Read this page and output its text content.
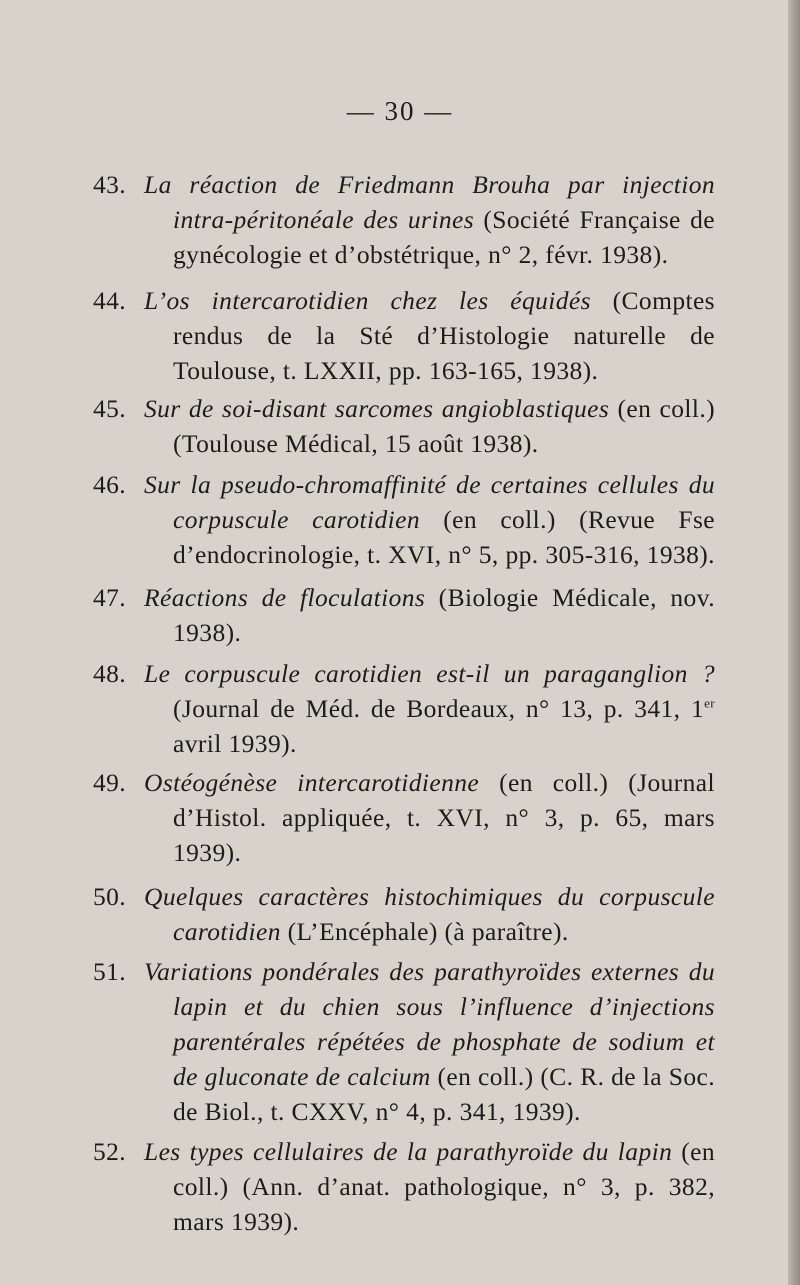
— 30 —
43. La réaction de Friedmann Brouha par injection intra-péritonéale des urines (Société Française de gynécologie et d’obstétrique, n° 2, févr. 1938).
44. L’os intercarotidien chez les équidés (Comptes rendus de la Sté d’Histologie naturelle de Toulouse, t. LXXII, pp. 163-165, 1938).
45. Sur de soi-disant sarcomes angioblastiques (en coll.) (Toulouse Médical, 15 août 1938).
46. Sur la pseudo-chromaffinité de certaines cellules du corpuscule carotidien (en coll.) (Revue Fse d’endocrinologie, t. XVI, n° 5, pp. 305-316, 1938).
47. Réactions de floculations (Biologie Médicale, nov. 1938).
48. Le corpuscule carotidien est-il un paraganglion ? (Journal de Méd. de Bordeaux, n° 13, p. 341, 1er avril 1939).
49. Ostéogénèse intercarotidienne (en coll.) (Journal d’Histol. appliquée, t. XVI, n° 3, p. 65, mars 1939).
50. Quelques caractères histochimiques du corpuscule carotidien (L’Encéphale) (à paraître).
51. Variations pondérales des parathyroïdes externes du lapin et du chien sous l’influence d’injections parentérales répétées de phosphate de sodium et de gluconate de calcium (en coll.) (C. R. de la Soc. de Biol., t. CXXV, n° 4, p. 341, 1939).
52. Les types cellulaires de la parathyroïde du lapin (en coll.) (Ann. d’anat. pathologique, n° 3, p. 382, mars 1939).
